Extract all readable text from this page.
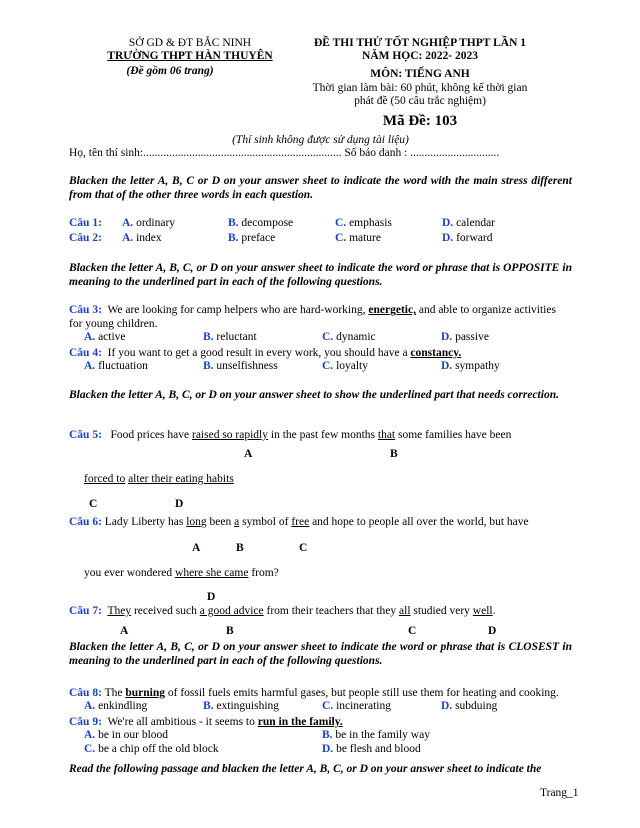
SỞ GD & ĐT BẮC NINH
TRƯỜNG THPT HÀN THUYÊN
(Đề gồm 06 trang)
ĐỀ THI THỬ TỐT NGHIỆP THPT LẦN 1
NĂM HỌC: 2022- 2023
MÔN: TIẾNG ANH
Thời gian làm bài: 60 phút, không kể thời gian
phát đề (50 câu trắc nghiệm)
Mã Đề: 103
(Thí sinh không được sử dụng tài liệu)
Họ, tên thí sinh:..................................................................... Số báo danh : ...............................
Blacken the letter A, B, C or D on your answer sheet to indicate the word with the main stress different from that of the other three words in each question.
Câu 1: A. ordinary	B. decompose	C. emphasis	D. calendar
Câu 2: A. index	B. preface	C. mature	D. forward
Blacken the letter A, B, C, or D on your answer sheet to indicate the word or phrase that is OPPOSITE in meaning to the underlined part in each of the following questions.
Câu 3: We are looking for camp helpers who are hard-working, energetic, and able to organize activities
for young children.
A. active	B. reluctant	C. dynamic	D. passive
Câu 4: If you want to get a good result in every work, you should have a constancy.
A. fluctuation	B. unselfishness	C. loyalty	D. sympathy
Blacken the letter A, B, C, or D on your answer sheet to show the underlined part that needs correction.
Câu 5: Food prices have raised so rapidly in the past few months that some families have been
A	B
forced to alter their eating habits
C	D
Câu 6: Lady Liberty has long been a symbol of free and hope to people all over the world, but have
A	B	C
you ever wondered where she came from?
D
Câu 7: They received such a good advice from their teachers that they all studied very well.
A	B	C	D
Blacken the letter A, B, C, or D on your answer sheet to indicate the word or phrase that is CLOSEST in meaning to the underlined part in each of the following questions.
Câu 8: The burning of fossil fuels emits harmful gases, but people still use them for heating and cooking.
A. enkindling	B. extinguishing	C. incinerating	D. subduing
Câu 9: We're all ambitious - it seems to run in the family.
A. be in our blood	B. be in the family way
C. be a chip off the old block	D. be flesh and blood
Read the following passage and blacken the letter A, B, C, or D on your answer sheet to indicate the
Trang_1
